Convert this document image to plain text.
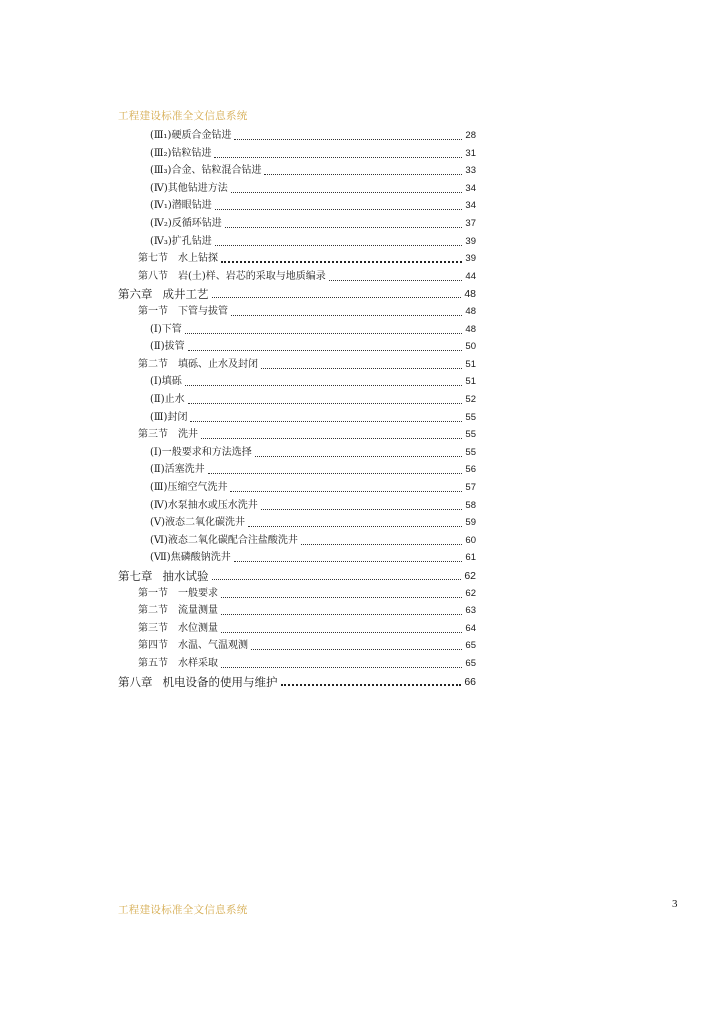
工程建设标准全文信息系统
(Ⅲ₁)硬质合金钻进	28
(Ⅲ₂)钻粒钻进	31
(Ⅲ₃)合金、钻粒混合钻进	33
(Ⅳ)其他钻进方法	34
(Ⅳ₁)潜眼钻进	34
(Ⅳ₂)反循环钻进	37
(Ⅳ₃)扩孔钻进	39
第七节 水上钻探	39
第八节 岩(土)样、岩芯的采取与地质编录	44
第六章 成井工艺	48
第一节 下管与拔管	48
(Ⅰ)下管	48
(Ⅱ)拔管	50
第二节 填砾、止水及封闭	51
(Ⅰ)填砾	51
(Ⅱ)止水	52
(Ⅲ)封闭	55
第三节 洗井	55
(Ⅰ)一般要求和方法选择	55
(Ⅱ)活塞洗井	56
(Ⅲ)压缩空气洗井	57
(Ⅳ)水泵抽水或压水洗井	58
(Ⅴ)液态二氧化碳洗井	59
(Ⅵ)液态二氧化碳配合注盐酸洗井	60
(Ⅶ)焦磷酸钠洗井	61
第七章 抽水试验	62
第一节 一般要求	62
第二节 流量测量	63
第三节 水位测量	64
第四节 水温、气温观测	65
第五节 水样采取	65
第八章 机电设备的使用与维护	66
工程建设标准全文信息系统	3
